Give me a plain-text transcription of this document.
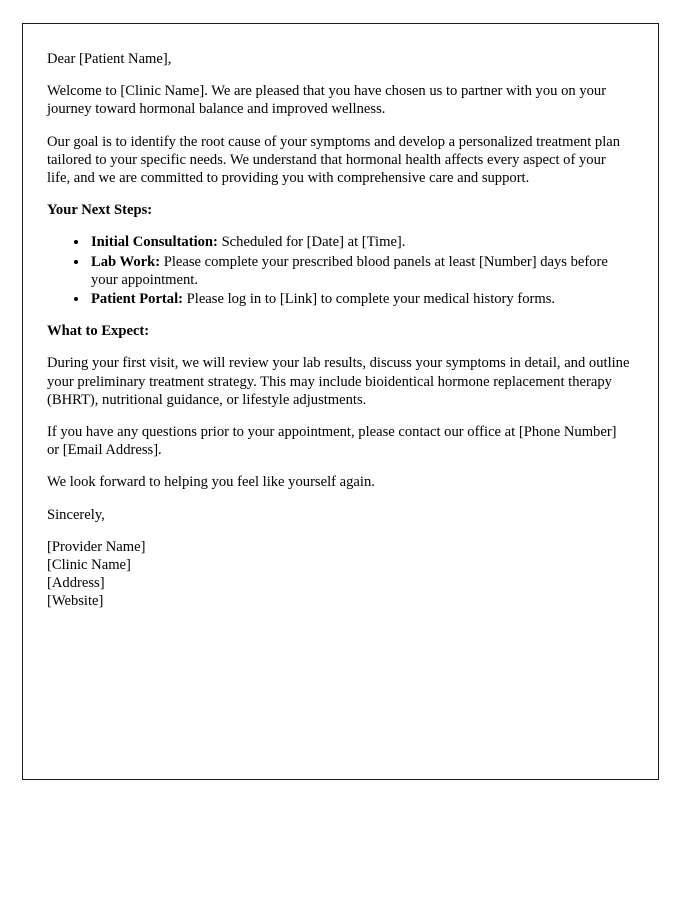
Dear [Patient Name],

Welcome to [Clinic Name]. We are pleased that you have chosen us to partner with you on your journey toward hormonal balance and improved wellness.

Our goal is to identify the root cause of your symptoms and develop a personalized treatment plan tailored to your specific needs. We understand that hormonal health affects every aspect of your life, and we are committed to providing you with comprehensive care and support.

Your Next Steps:

• Initial Consultation: Scheduled for [Date] at [Time].
• Lab Work: Please complete your prescribed blood panels at least [Number] days before your appointment.
• Patient Portal: Please log in to [Link] to complete your medical history forms.

What to Expect:

During your first visit, we will review your lab results, discuss your symptoms in detail, and outline your preliminary treatment strategy. This may include bioidentical hormone replacement therapy (BHRT), nutritional guidance, or lifestyle adjustments.

If you have any questions prior to your appointment, please contact our office at [Phone Number] or [Email Address].

We look forward to helping you feel like yourself again.

Sincerely,

[Provider Name]

[Clinic Name]

[Address]

[Website]
